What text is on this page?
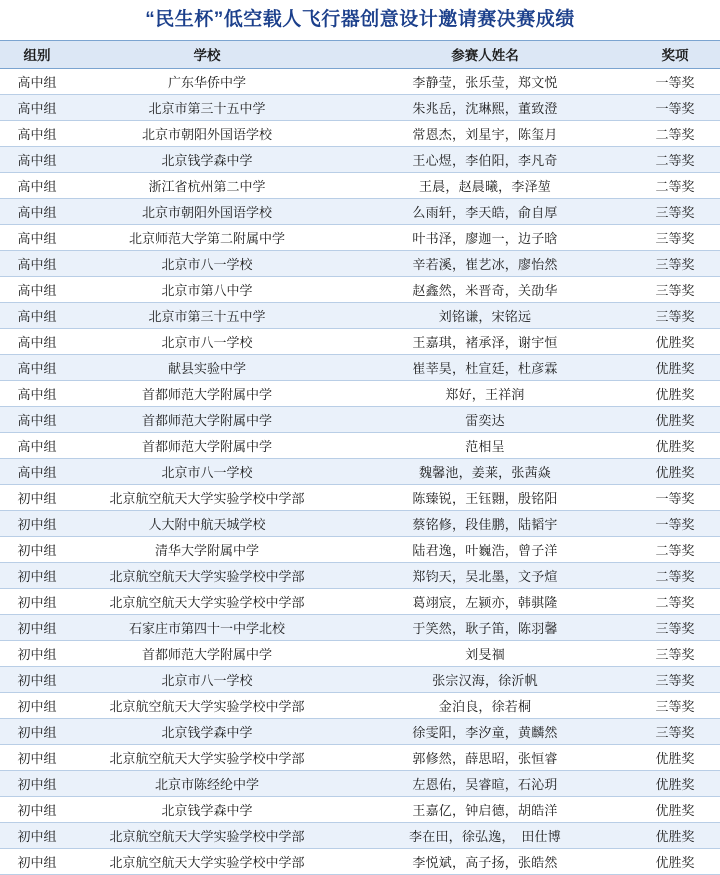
“民生杯”低空载人飞行器创意设计邀请赛决赛成绩
组别	学校	参赛人姓名	奖项
高中组	广东华侨中学	李静莹，张乐莹，郑文悦	一等奖
高中组	北京市第三十五中学	朱兆岳，沈琳熙，董致澄	一等奖
高中组	北京市朝阳外国语学校	常恩杰，刘星宇，陈玺月	二等奖
高中组	北京钱学森中学	王心煜，李伯阳，李凡奇	二等奖
高中组	浙江省杭州第二中学	王晨，赵晨曦，李泽堃	二等奖
高中组	北京市朝阳外国语学校	么雨轩，李天皓，俞自厚	三等奖
高中组	北京师范大学第二附属中学	叶书泽，廖迦一，边子晗	三等奖
高中组	北京市八一学校	辛若溪，崔艺冰，廖怡然	三等奖
高中组	北京市第八中学	赵鑫然，米晋奇，关劭华	三等奖
高中组	北京市第三十五中学	刘铭谦，宋铭远	三等奖
高中组	北京市八一学校	王嘉琪，褚承泽，谢宇恒	优胜奖
高中组	献县实验中学	崔莘昊，杜宣廷，杜彦霖	优胜奖
高中组	首都师范大学附属中学	郑好，王祥润	优胜奖
高中组	首都师范大学附属中学	雷奕达	优胜奖
高中组	首都师范大学附属中学	范相呈	优胜奖
高中组	北京市八一学校	魏馨池，姜莱，张茜焱	优胜奖
初中组	北京航空航天大学实验学校中学部	陈臻锐，王钰翾，殷铭阳	一等奖
初中组	人大附中航天城学校	蔡铭修，段佳鹏，陆韬宇	一等奖
初中组	清华大学附属中学	陆君逸，叶巍浩，曾子洋	二等奖
初中组	北京航空航天大学实验学校中学部	郑钧天，吴北墨，文予煊	二等奖
初中组	北京航空航天大学实验学校中学部	葛翊宸，左颍亦，韩骐隆	二等奖
初中组	石家庄市第四十一中学北校	于笑然，耿子笛，陈羽馨	三等奖
初中组	首都师范大学附属中学	刘旻祻	三等奖
初中组	北京市八一学校	张宗汉海，徐沂帆	三等奖
初中组	北京航空航天大学实验学校中学部	金泊良，徐若桐	三等奖
初中组	北京钱学森中学	徐雯阳，李汐童，黄麟然	三等奖
初中组	北京航空航天大学实验学校中学部	郭修然，薛思昭，张恒睿	优胜奖
初中组	北京市陈经纶中学	左恩佑，吴睿暄，石沁玥	优胜奖
初中组	北京钱学森中学	王嘉亿，钟启德，胡皓洋	优胜奖
初中组	北京航空航天大学实验学校中学部	李在田，徐弘逸，　田仕博	优胜奖
初中组	北京航空航天大学实验学校中学部	李悦斌，高子扬，张皓然	优胜奖
